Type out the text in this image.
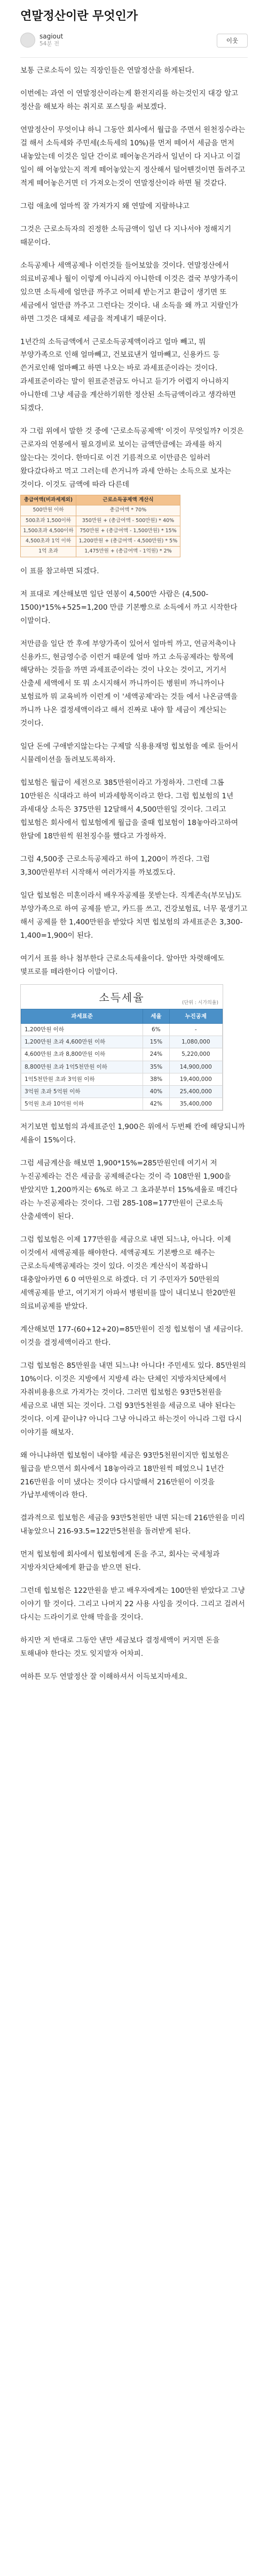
연말정산이란 무엇인가
sagiout
54분 전	이웃

보통 근로소득이 있는 직장인들은 연말정산을 하게된다.

이번에는 과연 이 연말정산이라는게 환전지리를 하는것인지 대강 알고 정산을 해보자 하는 취지로 포스팅을 써보겠다.

연말정산이 무엇이냐 하니 그동안 회사에서 월급을 주면서 원천징수라는 걸 해서 소득세와 주민세(소득세의 10%)를 먼저 떼어서 세금을 먼저 내놓았는데 이것은 일단 간이로 떼어놓은거라서 일년이 다 지나고 이걸 일이 해 어놓았는지 적게 떼어놓았는지 정산해서 덜어뗀것이면 돌려주고 적게 떼어놓은거면 더 가져오는것이 연말정산이라 하면 될 것같다.

그럼 애초에 얼마씩 잘 가져가지 왜 연말에 지랄하냐고

그것은 근로소득자의 진정한 소득금액이 일년 다 지나서야 정해지기 때문이다.

소득공제나 세액공제나 이런것들 들어보았을 것이다. 연말정산에서 의료비공제나 월이 이렇게 아니라지 아니한데 이것은 결국 부양가족이 있으면 소득세에 얼만큼 까주고 어떠세 받는거고 환급이 생기면 또 세금에서 얼만큼 까주고 그런다는 것이다. 내 소득을 왜 까고 지랄인가 하면 그것은 대체로 세금을 적게내기 때문이다.

1년간의 소득금액에서 근로소득공제액이라고 얼마 빼고, 뭐 부양가족으로 인해 얼마빼고, 건보료낸거 얼마빼고, 신용카드 등 쓴거로인해 얼마빼고 하면 나오는 바로 과세표준이라는 것이다. 과세표준이라는 말이 원표준전금도 아니고 듣기가 어렵지 아니하지 아니한데 그냥 세금을 계산하기위한 정산된 소득금액이라고 생각하면 되겠다.

자 그럼 위에서 말한 것 중에 '근로소득공제액' 이것이 무엇일까? 이것은 근로자의 연봉에서 필요경비로 보이는 금액만큼에는 과세를 하지 않는다는 것이다. 한마디로 이건 기름적으로 이만큼은 일하러 왔다갔다하고 먹고 그러는데 쓴거니까 과세 안하는 소득으로 보자는 것이다. 이것도 금액에 따라 다른데

총급여액(비과세제외)	근로소득공제액 계산식
500만원 이하	총급여액 * 70%
500초과 1,500이하	350만원 + (총급여액 - 500만원) * 40%
1,500초과 4,500이하	750만원 + (총급여액 - 1,500만원) * 15%
4,500초과 1억 이하	1,200만원 + (총급여액 - 4,500만원) * 5%
1억 초과	1,475만원 + (총급여액 - 1억원) * 2%

이 표를 참고하면 되겠다.

저 표대로 계산해보면 일단 연봉이 4,500만 사람은 (4,500-1500)*15%+525=1,200 만큼 기본빵으로 소득에서 까고 시작한다 이말이다.

저만큼을 일단 깐 후에 부양가족이 있어서 얼마씩 까고, 연금저축이나 신용카드, 현금영수증 이런거 때문에 얼마 까고 소득공제라는 항목에 해당하는 것들을 까면 과세표준이라는 것이 나오는 것이고, 거기서 산출세 세액에서 또 뭐 소시지해서 까니까이든 병원비 까니까이나 보험료까 뭐 교육비까 이런게 이 '세액공제'라는 것들 에서 나온금액을 까니까 나온 결정세액이라고 해서 진짜로 내야 할 세금이 계산되는 것이다.

일단 돈에 구애받지않는다는 구제말 식용용재멍 힙보험을 예로 들어서 시뮬레이션을 돌려보도록하자.

힙보험은 월급이 세전으로 385만원이라고 가정하자. 그런데 그롭 10만원은 식대라고 하여 비과세항목이라고 한다. 그럼 힙보험의 1년 과세대상 소득은 375만원 12달해서 4,500만원일 것이다. 그리고 힙보험은 회사에서 힙보험에게 월급을 줄때 힙보험이 18놓아라고하여 한달에 18만원씩 원천징수를 했다고 가정하자.

그럼 4,500중 근로소득공제라고 하여 1,200이 까진다. 그럼 3,300만원부터 시작해서 여러가지를 까보겠도다.

일단 힙보험은 미혼이라서 배우자공제를 못받는다. 직계존속(부모님)도 부양가족으로 하여 공제를 받고, 카드를 쓰고, 건강보험료, 너무 몫생기고 해서 공제를 한 1,400만원을 받았다 치면 힙보험의 과세표준은 3,300-1,400=1,900이 된다.

여기서 표를 하나 첨부한다 근로소득세율이다. 알아만 차렷해에도 몇프로를 떼라한이다 이말이다.

소득세율	(단위 : 시가의율)
과세표준	세율	누진공제
1,200만원 이하	6%	-
1,200만원 초과 4,600만원 이하	15%	1,080,000
4,600만원 초과 8,800만원 이하	24%	5,220,000
8,800만원 초과 1억5천만원 이하	35%	14,900,000
1억5천만원 초과 3억원 이하	38%	19,400,000
3억원 초과 5억원 이하	40%	25,400,000
5억원 초과 10억원 이하	42%	35,400,000

저기보면 힙보험의 과세표준인 1,900은 위에서 두번째 칸에 해당되니까 세율이 15%이다.

그럼 세금계산을 해보면 1,900*15%=285만원인데 여기서 저 누진공제라는 건은 세금을 공제해준다는 것이 즉 108만원 1,900을 받았지만 1,200까지는 6%로 하고 그 초과분부터 15%세율로 매긴다 라는 누진공제라는 것이다. 그럼 285-108=177만원이 근로소득 산출세액이 된다.

그럼 힙보험은 이제 177만원을 세금으로 내면 되느냐, 아니다. 이제 이것에서 세액공제를 해야한다. 세액공제도 기본빵으로 해주는 근로소득세액공제라는 것이 있다. 이것은 계산식이 복잡하니 대충알아카면 6 0 여만원으로 하겠다. 더 기 주민자가 50만원의 세액공제를 받고, 여기저기 아파서 병원비를 많이 내디보니 한20만원 의료비공제를 받았다.

계산해보면 177-(60+12+20)=85만원이 진정 힙보험이 낼 세금이다. 이것을 결정세액이라고 한다.

그럼 힙보험은 85만원을 내면 되느냐! 아니다! 주민세도 있다. 85만원의 10%이다. 이것은 지방에서 지방세 라는 단체인 지방자치단체에서 자취비용용으로 가져가는 것이다. 그러면 힙보험은 93만5천원을 세금으로 내면 되는 것이다. 그럼 93만5천원을 세금으로 내야 된다는 것이다. 이게 끝이냐? 아니다 그냥 아니라고 하는것이 아니라 그럼 다시 이야기를 해보자.

왜 아니냐하면 힙보험이 내야할 세금은 93만5천원이지만 힙보험은 월급을 받으면서 회사에서 18놓아라고 18만원씩 떼었으니 1년간 216만원을 이미 냈다는 것이다 다시말해서 216만원이 이것을 가납부세액이라 한다.

결과적으로 힙보험은 세금을 93만5천원만 내면 되는데 216만원을 미리 내놓았으니 216-93.5=122만5천원을 돌려받게 된다.

먼저 힙보험에 회사에서 힙보험에게 돈을 주고, 회사는 국세청과 지방자치단체에게 환급을 받으면 된다.

그런데 힙보험은 122만원을 받고 배우자에게는 100만원 받았다고 그냥 이야기 할 것이다. 그리고 나머지 22 사용 사임을 것이다. 그리고 걸려서 다시는 드라이기로 안해 막을을 것이다.

하지만 저 반대로 그동안 낸만 세금보다 결정세액이 커지면 돈을 토해내야 한다는 것도 잊지말자 어차피.

여하튼 모두 연말정산 잘 이해하셔서 이득보지마세요.
